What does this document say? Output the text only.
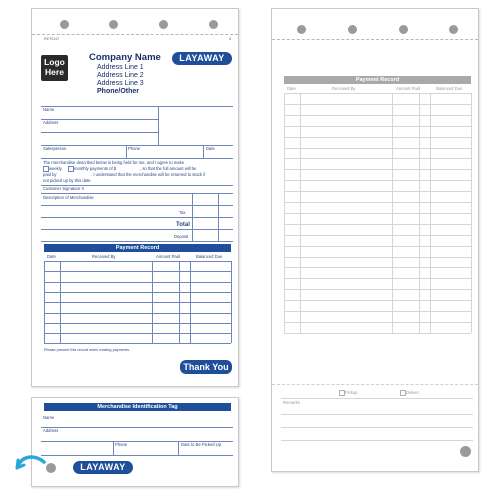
RET0147	ß
Logo Here
Company Name
Address Line 1
Address Line 2
Address Line 3
Phone/Other
LAYAWAY
Name
Address
Salesperson	Phone	Date
The merchandise described below is being held for me, and I agree to make
weekly	monthly payments of $	, so that the full amount will be
paid by	. I understand that the merchandise will be returned to stock if
not picked up by this date.
Customer Signature X
Description of Merchandise
Tax
Total
Deposit
Payment Record
Date	Received By	Amount Paid	Balanced Due
Please present this record when making payments.
Thank You
Merchandise Identification Tag
Name
Address
Phone	Date to Be Picked Up
LAYAWAY
Payment Record
Date	Received By	Amount Paid	Balanced Due
Pickup	Deliver
Remarks
